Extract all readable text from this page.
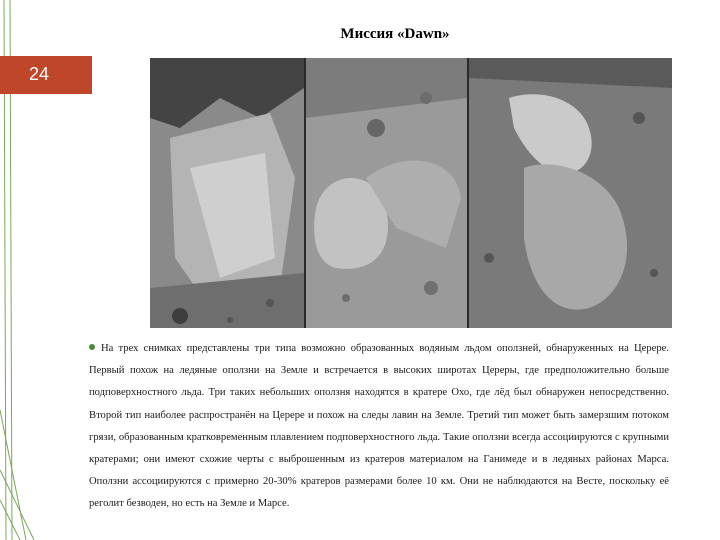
Миссия «Dawn»
24
На трех снимках представлены три типа возможно образованных водяным льдом оползней, обнаруженных на Церере. Первый похож на ледяные оползни на Земле и встречается в высоких широтах Цереры, где предположительно больше подповерхностного льда. Три таких небольших оползня находятся в кратере Охо, где лёд был обнаружен непосредственно. Второй тип наиболее распространён на Церере и похож на следы лавин на Земле. Третий тип может быть замерзшим потоком грязи, образованным кратковременным плавлением подповерхностного льда. Такие оползни всегда ассоциируются с крупными кратерами; они имеют схожие черты с выброшенным из кратеров материалом на Ганимеде и в ледяных районах Марса. Оползни ассоциируются с примерно 20-30% кратеров размерами более 10 км. Они не наблюдаются на Весте, поскольку её реголит безводен, но есть на Земле и Марсе.
